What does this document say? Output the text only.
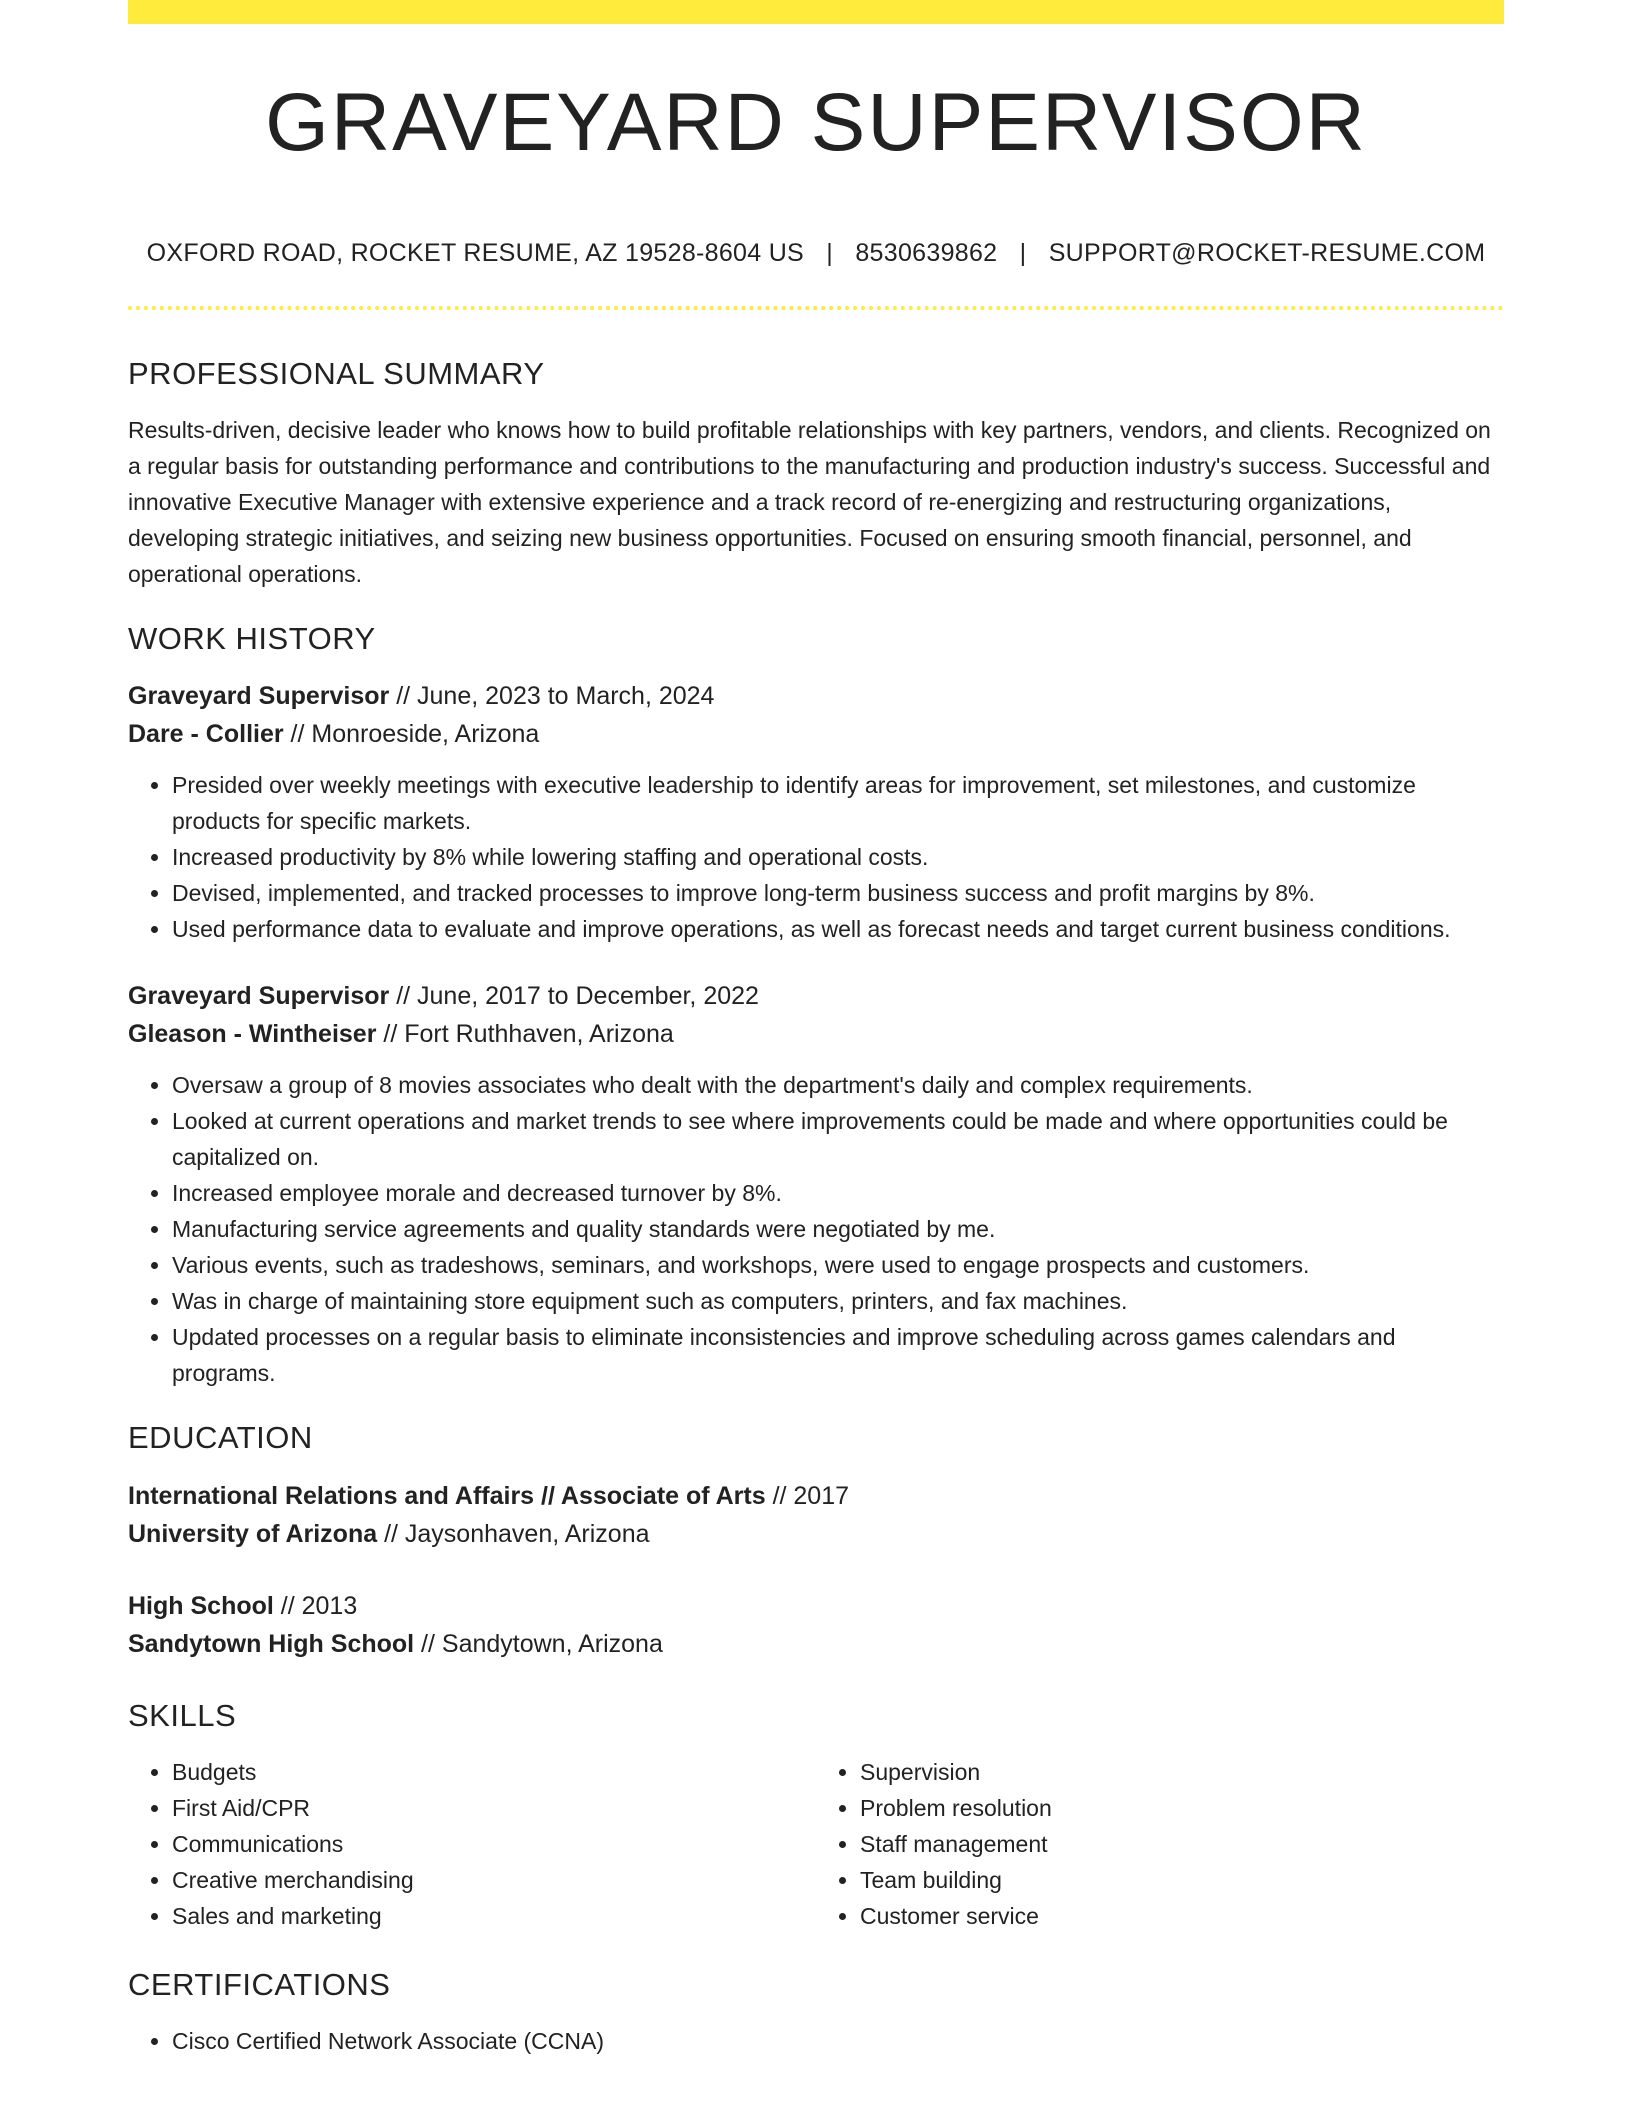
GRAVEYARD SUPERVISOR
OXFORD ROAD, ROCKET RESUME, AZ 19528-8604 US | 8530639862 | SUPPORT@ROCKET-RESUME.COM
PROFESSIONAL SUMMARY

Results-driven, decisive leader who knows how to build profitable relationships with key partners, vendors, and clients. Recognized on a regular basis for outstanding performance and contributions to the manufacturing and production industry's success. Successful and innovative Executive Manager with extensive experience and a track record of re-energizing and restructuring organizations, developing strategic initiatives, and seizing new business opportunities. Focused on ensuring smooth financial, personnel, and operational operations.

WORK HISTORY
Graveyard Supervisor // June, 2023 to March, 2024
Dare - Collier // Monroeside, Arizona
• Presided over weekly meetings with executive leadership to identify areas for improvement, set milestones, and customize products for specific markets.
• Increased productivity by 8% while lowering staffing and operational costs.
• Devised, implemented, and tracked processes to improve long-term business success and profit margins by 8%.
• Used performance data to evaluate and improve operations, as well as forecast needs and target current business conditions.
Graveyard Supervisor // June, 2017 to December, 2022
Gleason - Wintheiser // Fort Ruthhaven, Arizona
• Oversaw a group of 8 movies associates who dealt with the department's daily and complex requirements.
• Looked at current operations and market trends to see where improvements could be made and where opportunities could be capitalized on.
• Increased employee morale and decreased turnover by 8%.
• Manufacturing service agreements and quality standards were negotiated by me.
• Various events, such as tradeshows, seminars, and workshops, were used to engage prospects and customers.
• Was in charge of maintaining store equipment such as computers, printers, and fax machines.
• Updated processes on a regular basis to eliminate inconsistencies and improve scheduling across games calendars and programs.
EDUCATION
International Relations and Affairs // Associate of Arts // 2017
University of Arizona // Jaysonhaven, Arizona
High School // 2013
Sandytown High School // Sandytown, Arizona
SKILLS
• Budgets
• First Aid/CPR
• Communications
• Creative merchandising
• Sales and marketing
• Supervision
• Problem resolution
• Staff management
• Team building
• Customer service
CERTIFICATIONS
• Cisco Certified Network Associate (CCNA)
